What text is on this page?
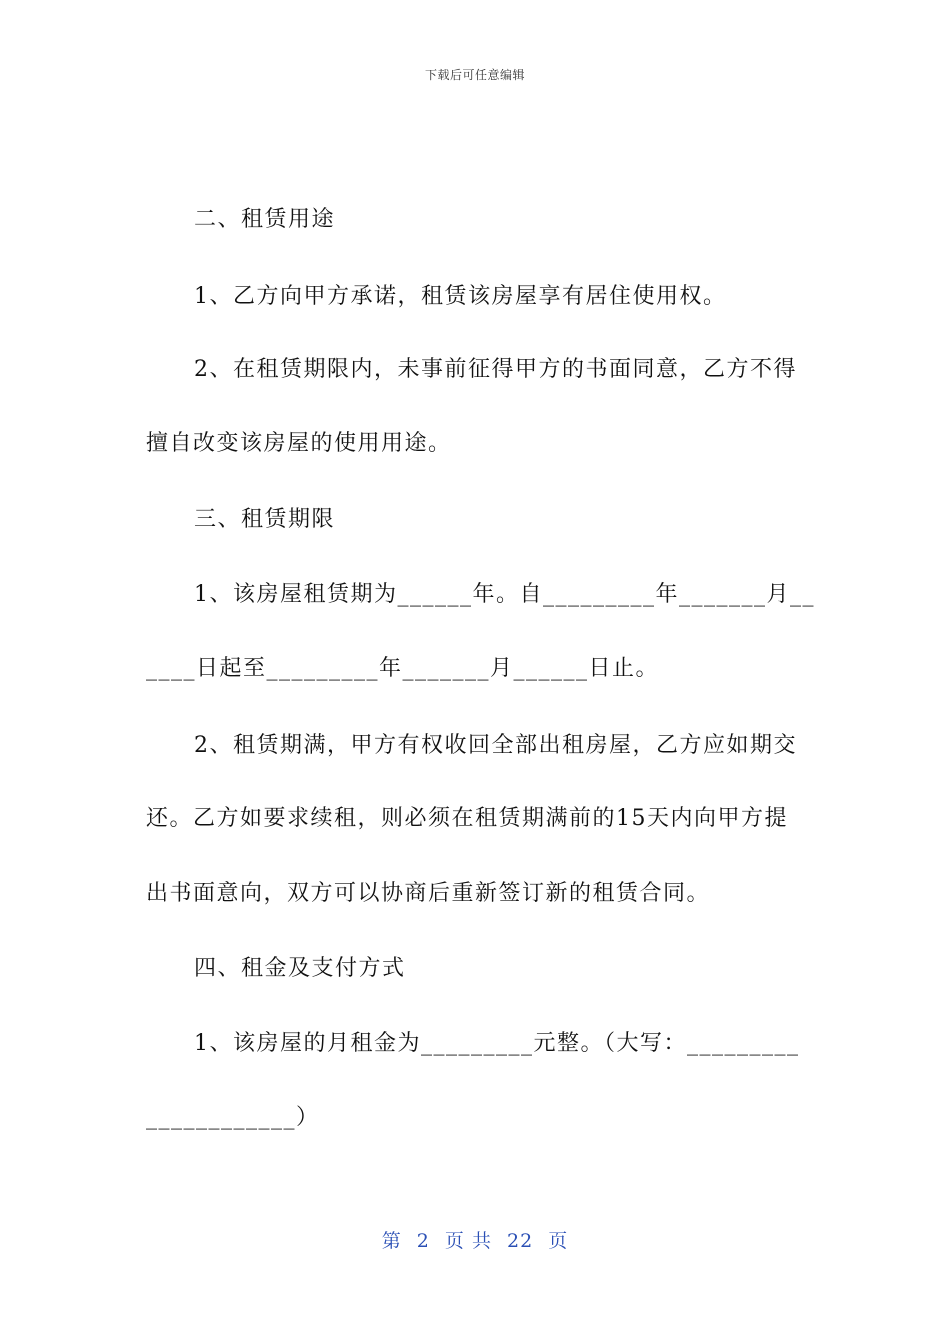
下载后可任意编辑
二、租赁用途
1、乙方向甲方承诺，租赁该房屋享有居住使用权。
2、在租赁期限内，未事前征得甲方的书面同意，乙方不得
擅自改变该房屋的使用用途。
三、租赁期限
1、该房屋租赁期为______年。自_________年_______月__
____日起至_________年_______月______日止。
2、租赁期满，甲方有权收回全部出租房屋，乙方应如期交
还。乙方如要求续租，则必须在租赁期满前的15天内向甲方提
出书面意向，双方可以协商后重新签订新的租赁合同。
四、租金及支付方式
1、该房屋的月租金为_________元整。（大写：_________
____________）
第 2 页 共 22 页
